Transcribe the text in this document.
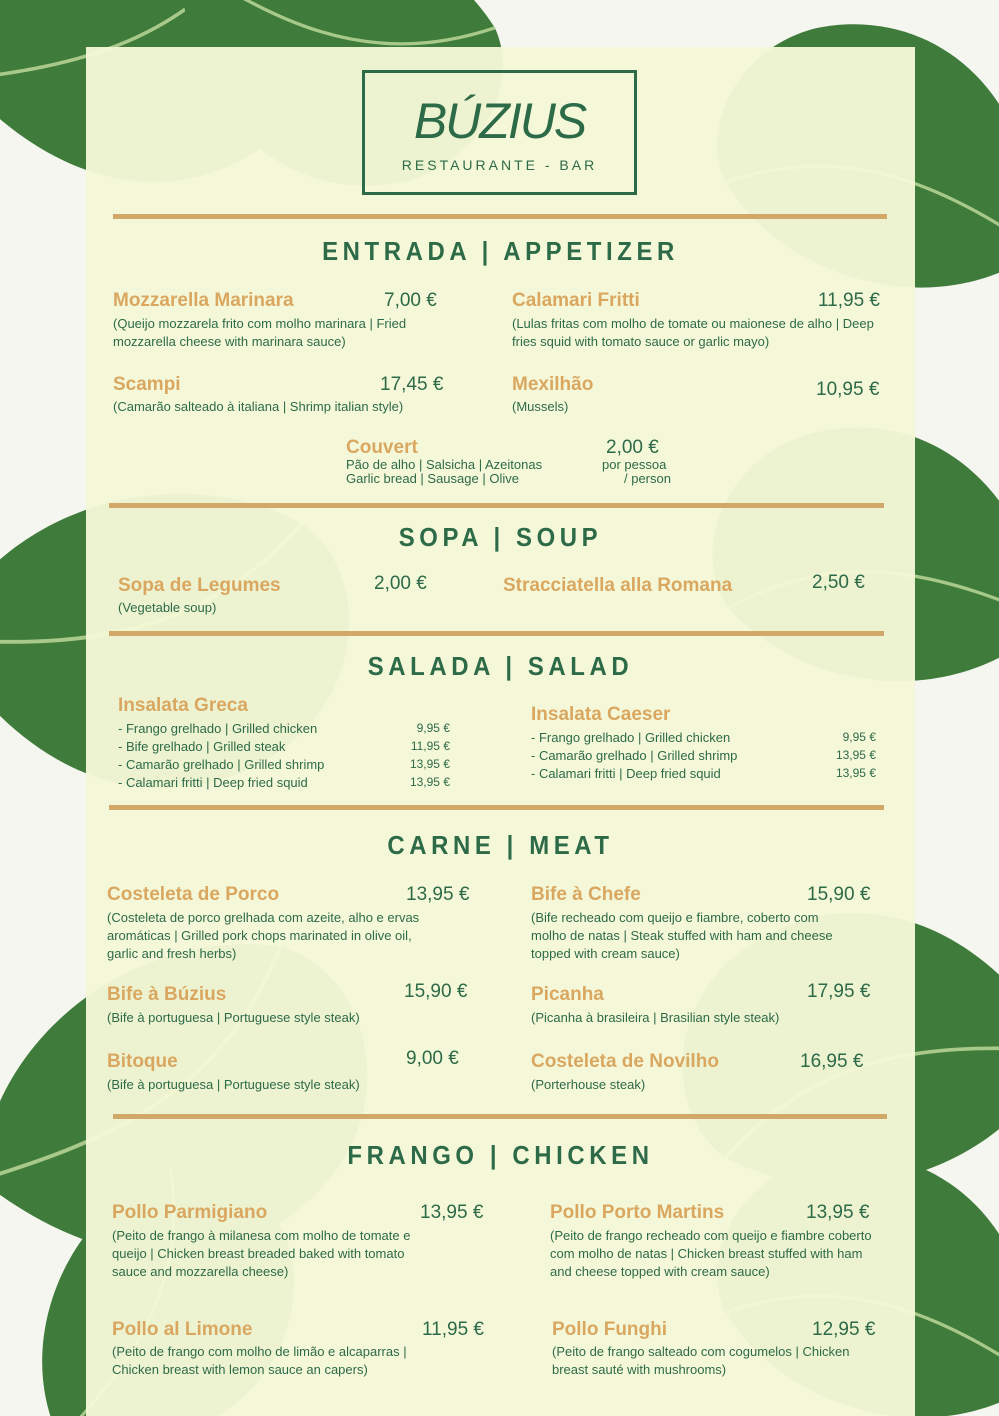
BÚZIUS
RESTAURANTE - BAR
ENTRADA | APPETIZER
Mozzarella Marinara	7,00 €
(Queijo mozzarela frito com molho marinara | Fried mozzarella cheese with marinara sauce)
Calamari Fritti	11,95 €
(Lulas fritas com molho de tomate ou maionese de alho | Deep fries squid with tomato sauce or garlic mayo)
Scampi	17,45 €
(Camarão salteado à italiana | Shrimp italian style)
Mexilhão	10,95 €
(Mussels)
Couvert
Pão de alho | Salsicha | Azeitonas
Garlic bread | Sausage | Olive
2,00 €
por pessoa
/ person
SOPA | SOUP
Sopa de Legumes	2,00 €
(Vegetable soup)
Stracciatella alla Romana	2,50 €
SALADA | SALAD
Insalata Greca
- Frango grelhado | Grilled chicken	9,95 €
- Bife grelhado | Grilled steak	11,95 €
- Camarão grelhado | Grilled shrimp	13,95 €
- Calamari fritti | Deep fried squid	13,95 €
Insalata Caeser
- Frango grelhado | Grilled chicken	9,95 €
- Camarão grelhado | Grilled shrimp	13,95 €
- Calamari fritti | Deep fried squid	13,95 €
CARNE | MEAT
Costeleta de Porco	13,95 €
(Costeleta de porco grelhada com azeite, alho e ervas aromáticas | Grilled pork chops marinated in olive oil, garlic and fresh herbs)
Bife à Chefe	15,90 €
(Bife recheado com queijo e fiambre, coberto com molho de natas | Steak stuffed with ham and cheese topped with cream sauce)
Bife à Búzius	15,90 €
(Bife à portuguesa | Portuguese style steak)
Picanha	17,95 €
(Picanha à brasileira | Brasilian style steak)
Bitoque	9,00 €
(Bife à portuguesa | Portuguese style steak)
Costeleta de Novilho	16,95 €
(Porterhouse steak)
FRANGO | CHICKEN
Pollo Parmigiano	13,95 €
(Peito de frango à milanesa com molho de tomate e queijo | Chicken breast breaded baked with tomato sauce and mozzarella cheese)
Pollo Porto Martins	13,95 €
(Peito de frango recheado com queijo e fiambre coberto com molho de natas | Chicken breast stuffed with ham and cheese topped with cream sauce)
Pollo al Limone	11,95 €
(Peito de frango com molho de limão e alcaparras | Chicken breast with lemon sauce an capers)
Pollo Funghi	12,95 €
(Peito de frango salteado com cogumelos | Chicken breast sauté with mushrooms)
